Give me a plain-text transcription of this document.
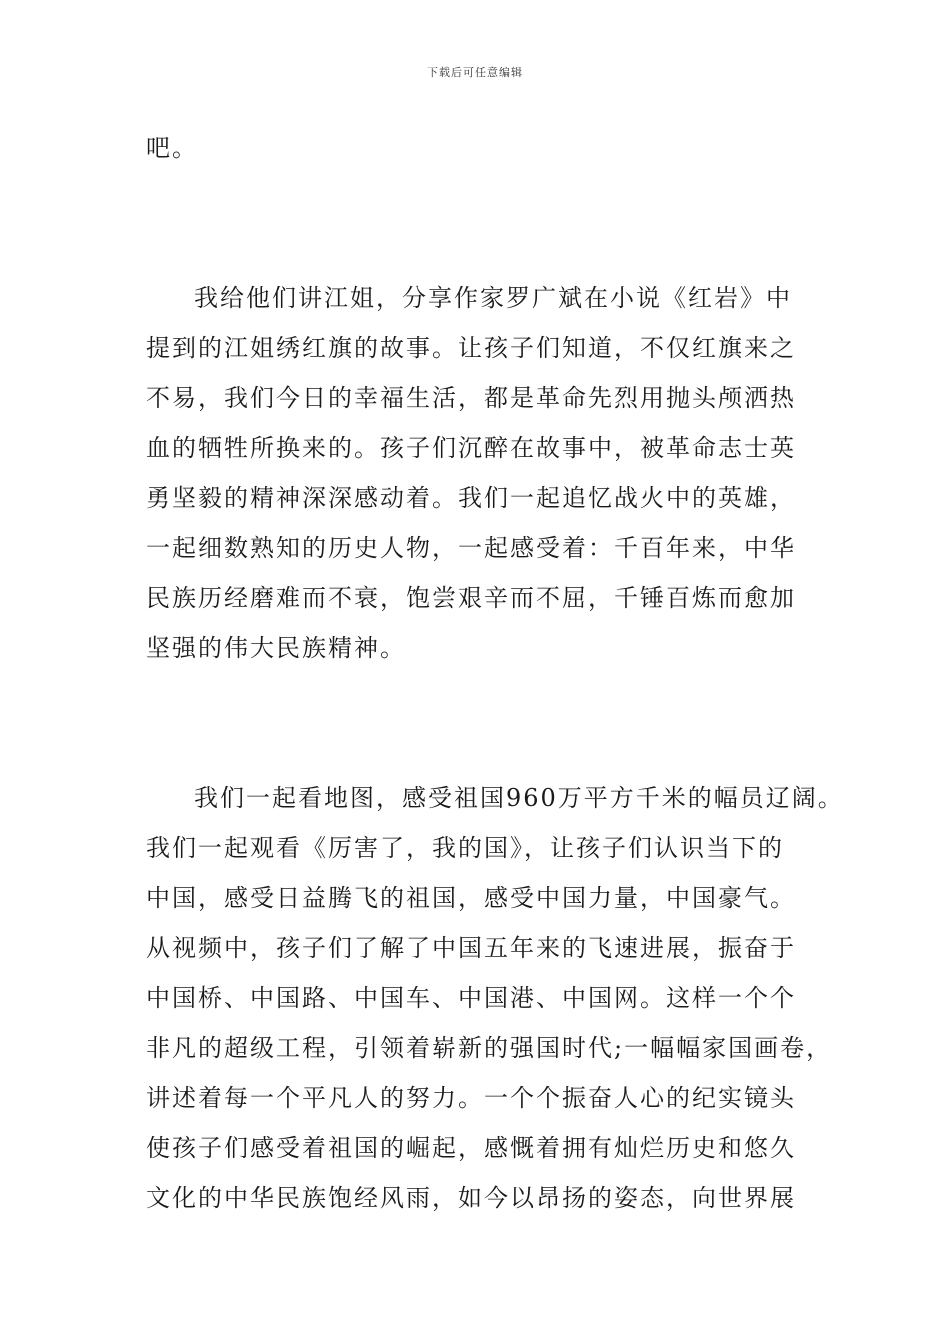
下载后可任意编辑
吧。
我给他们讲江姐，分享作家罗广斌在小说《红岩》中
提到的江姐绣红旗的故事。让孩子们知道，不仅红旗来之
不易，我们今日的幸福生活，都是革命先烈用抛头颅洒热
血的牺牲所换来的。孩子们沉醉在故事中，被革命志士英
勇坚毅的精神深深感动着。我们一起追忆战火中的英雄，
一起细数熟知的历史人物，一起感受着：千百年来，中华
民族历经磨难而不衰，饱尝艰辛而不屈，千锤百炼而愈加
坚强的伟大民族精神。
我们一起看地图，感受祖国960万平方千米的幅员辽阔。
我们一起观看《厉害了，我的国》，让孩子们认识当下的
中国，感受日益腾飞的祖国，感受中国力量，中国豪气。
从视频中，孩子们了解了中国五年来的飞速进展，振奋于
中国桥、中国路、中国车、中国港、中国网。这样一个个
非凡的超级工程，引领着崭新的强国时代;一幅幅家国画卷，
讲述着每一个平凡人的努力。一个个振奋人心的纪实镜头
使孩子们感受着祖国的崛起，感慨着拥有灿烂历史和悠久
文化的中华民族饱经风雨，如今以昂扬的姿态，向世界展
